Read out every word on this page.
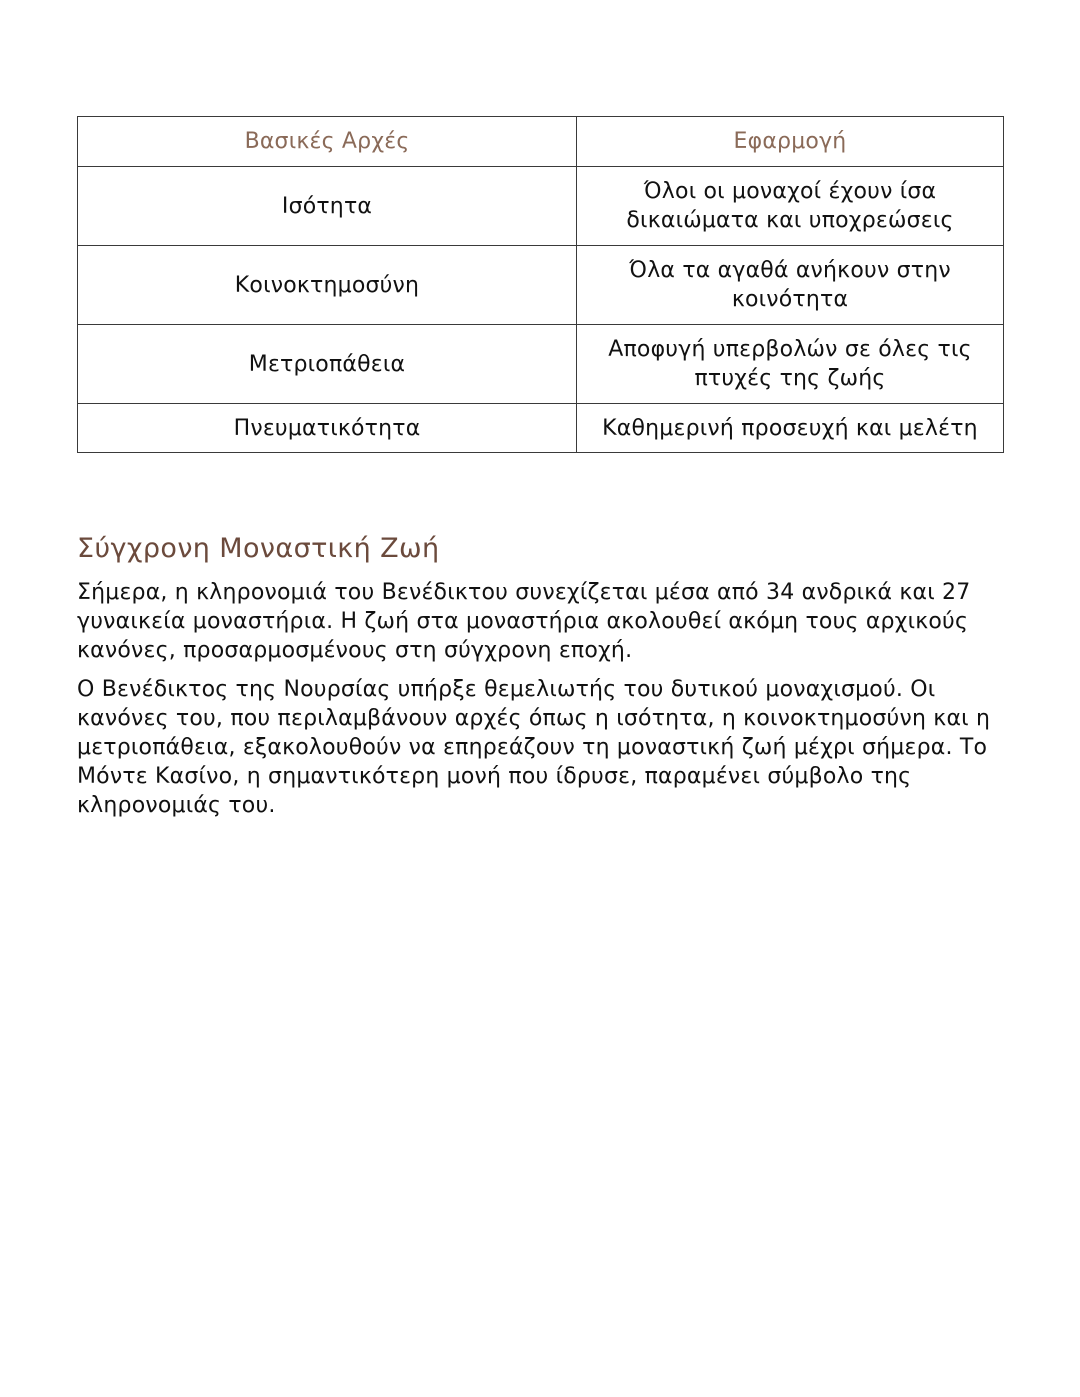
Βασικές Αρχές	Εφαρμογή
Ισότητα	Όλοι οι μοναχοί έχουν ίσα δικαιώματα και υποχρεώσεις
Κοινοκτημοσύνη	Όλα τα αγαθά ανήκουν στην κοινότητα
Μετριοπάθεια	Αποφυγή υπερβολών σε όλες τις πτυχές της ζωής
Πνευματικότητα	Καθημερινή προσευχή και μελέτη
Σύγχρονη Μοναστική Ζωή

Σήμερα, η κληρονομιά του Βενέδικτου συνεχίζεται μέσα από 34 ανδρικά και 27 γυναικεία μοναστήρια. Η ζωή στα μοναστήρια ακολουθεί ακόμη τους αρχικούς κανόνες, προσαρμοσμένους στη σύγχρονη εποχή.

Ο Βενέδικτος της Νουρσίας υπήρξε θεμελιωτής του δυτικού μοναχισμού. Οι κανόνες του, που περιλαμβάνουν αρχές όπως η ισότητα, η κοινοκτημοσύνη και η μετριοπάθεια, εξακολουθούν να επηρεάζουν τη μοναστική ζωή μέχρι σήμερα. Το Μόντε Κασίνο, η σημαντικότερη μονή που ίδρυσε, παραμένει σύμβολο της κληρονομιάς του.
